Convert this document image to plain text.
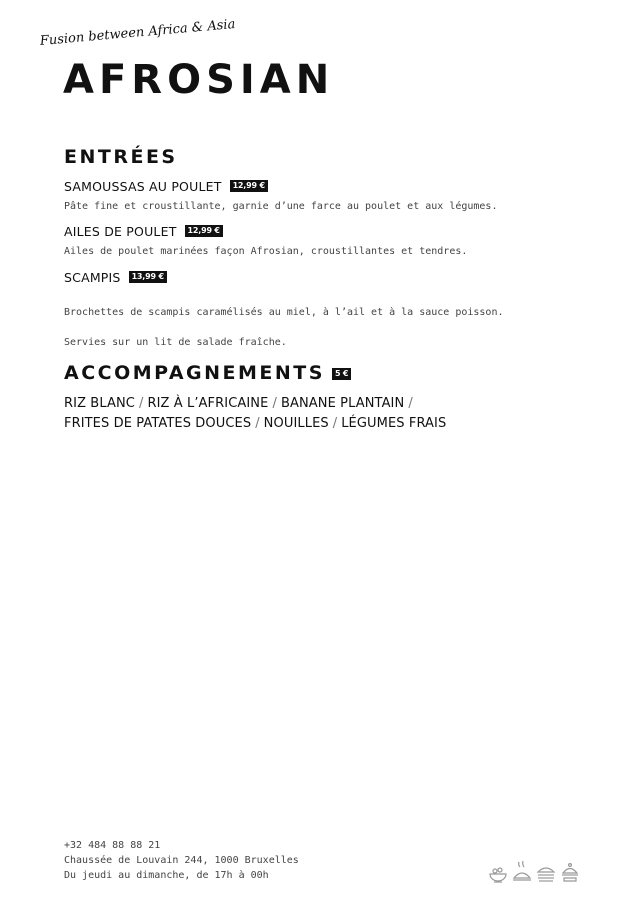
Fusion between Africa & Asia
AFROSIAN
ENTRÉES
SAMOUSSAS AU POULET	12,99 €
Pâte fine et croustillante, garnie d’une farce au poulet et aux légumes.
AILES DE POULET	12,99 €
Ailes de poulet marinées façon Afrosian, croustillantes et tendres.
SCAMPIS	13,99 €

Brochettes de scampis caramélisés au miel, à l’ail et à la sauce poisson.

Servies sur un lit de salade fraîche.

ACCOMPAGNEMENTS	5 €
RIZ BLANC / RIZ À L’AFRICAINE / BANANE PLANTAIN /
FRITES DE PATATES DOUCES / NOUILLES / LÉGUMES FRAIS
+32 484 88 88 21
Chaussée de Louvain 244, 1000 Bruxelles
Du jeudi au dimanche, de 17h à 00h
